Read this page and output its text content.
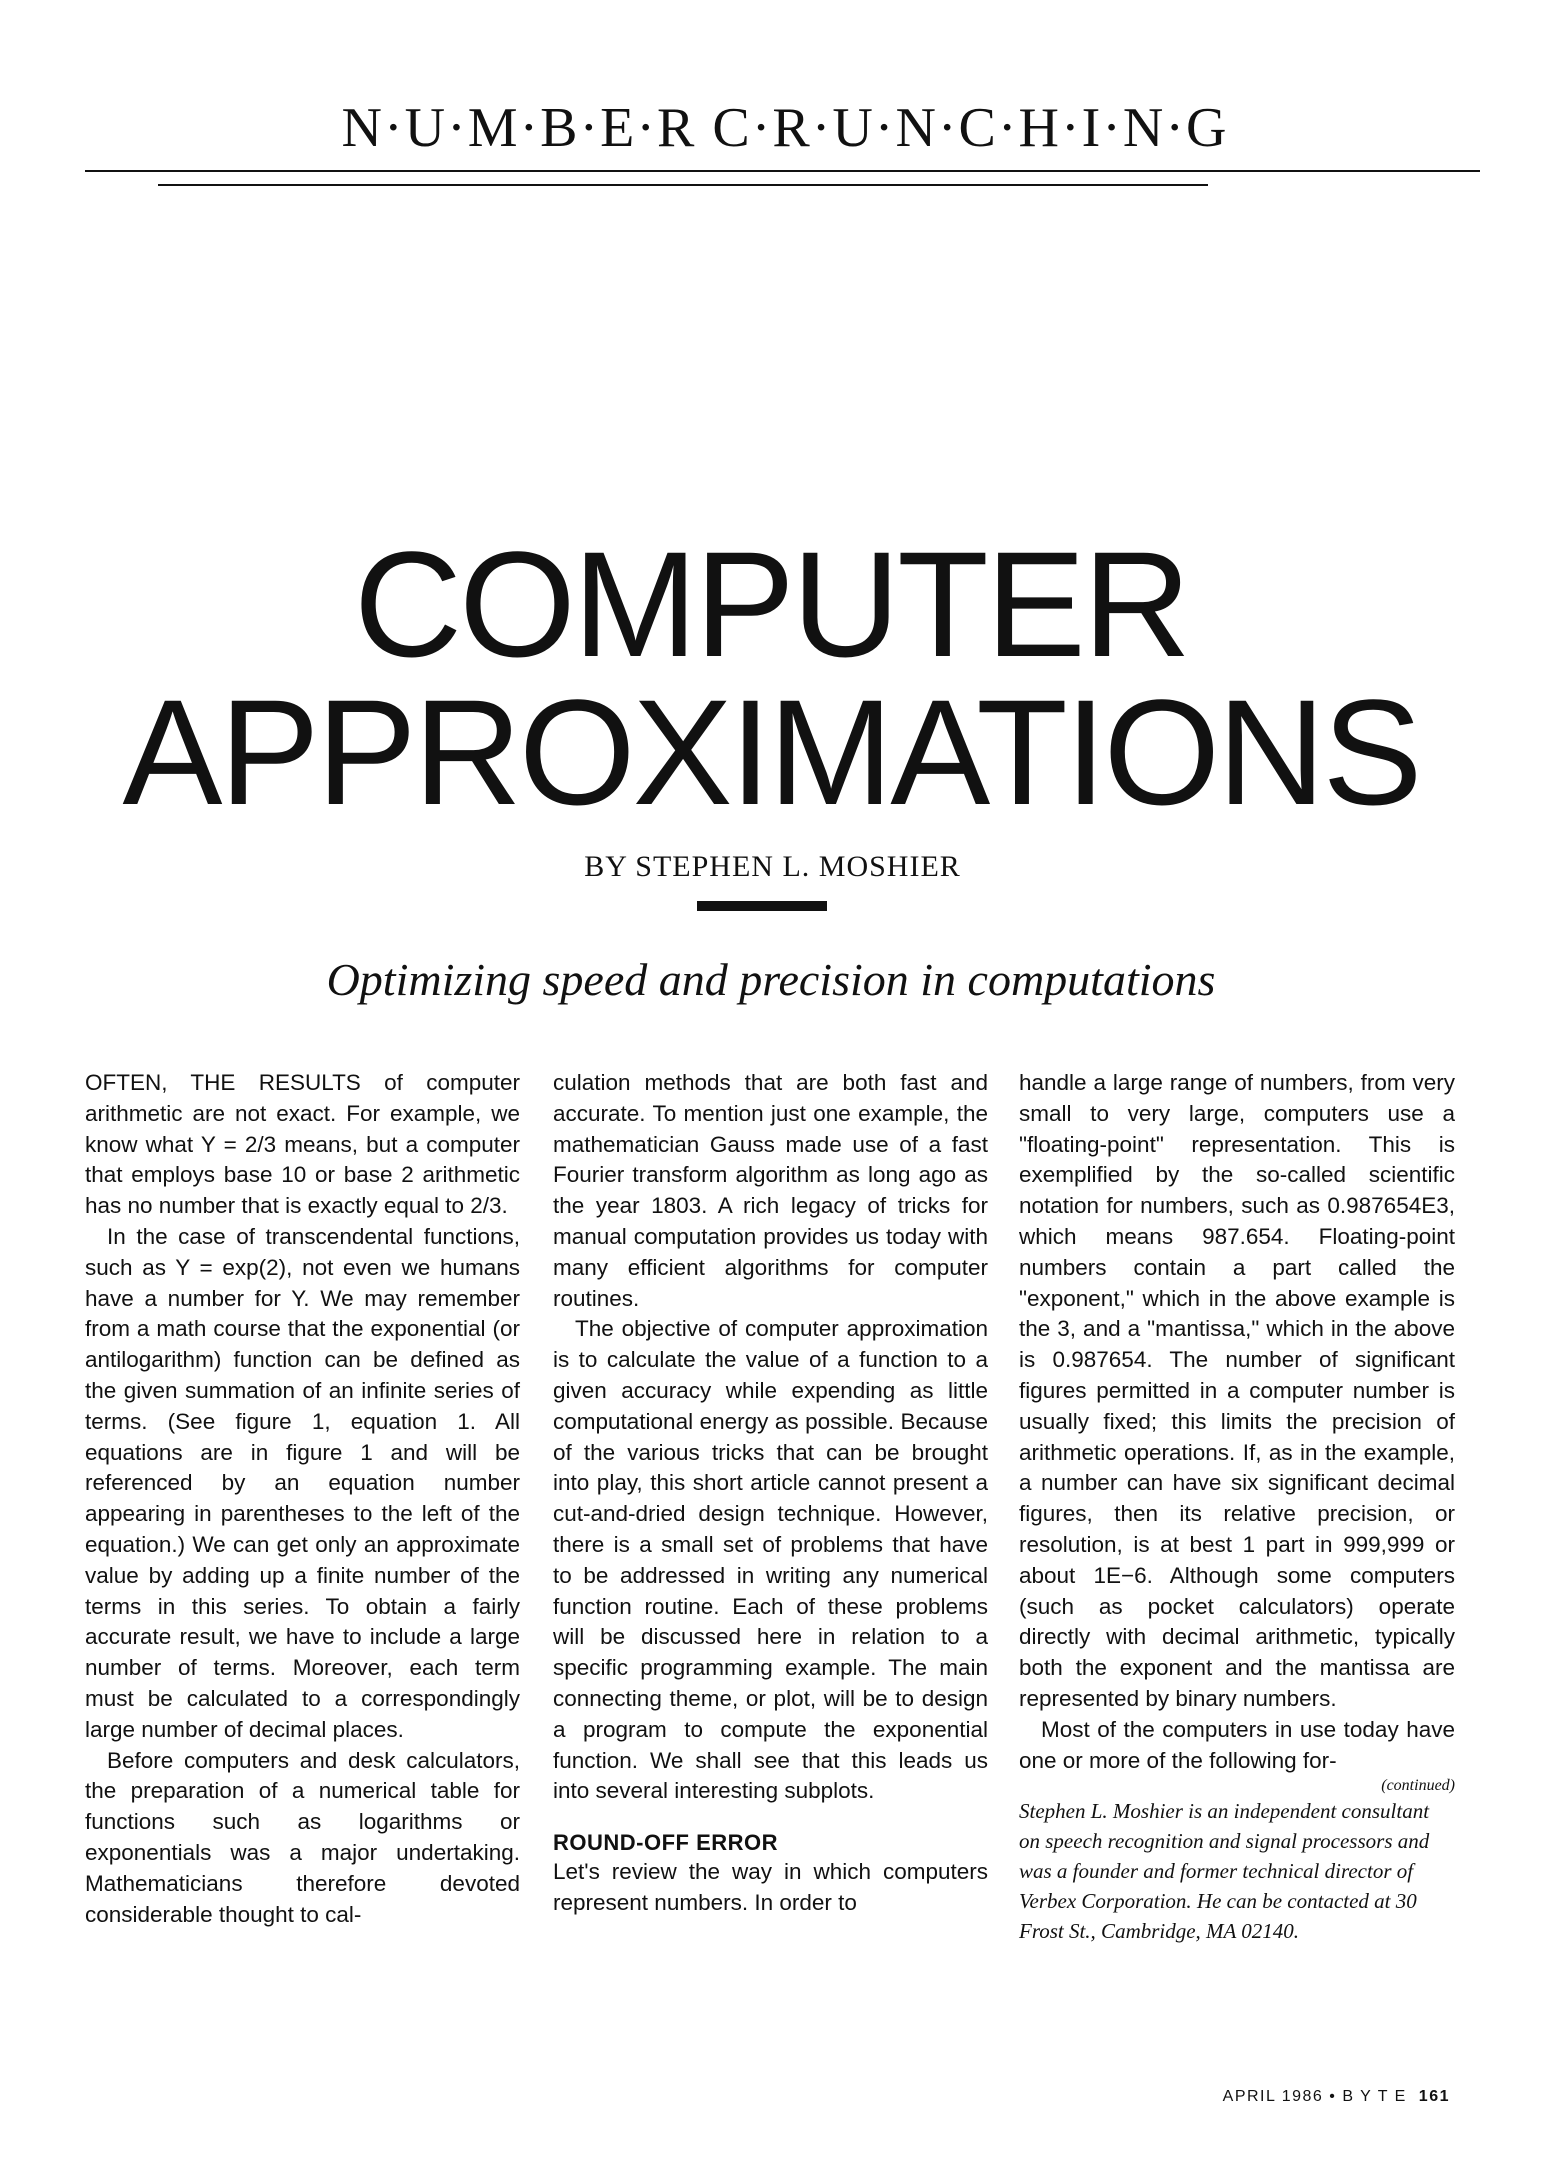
N·U·M·B·E·R C·R·U·N·C·H·I·N·G
COMPUTER
APPROXIMATIONS
BY STEPHEN L. MOSHIER
Optimizing speed and precision in computations

OFTEN, THE RESULTS of computer arithmetic are not exact. For example, we know what Y = 2/3 means, but a computer that employs base 10 or base 2 arithmetic has no number that is exactly equal to 2/3.

In the case of transcendental functions, such as Y = exp(2), not even we humans have a number for Y. We may remember from a math course that the exponential (or antilogarithm) function can be defined as the given summation of an infinite series of terms. (See figure 1, equation 1. All equations are in figure 1 and will be referenced by an equation number appearing in parentheses to the left of the equation.) We can get only an approximate value by adding up a finite number of the terms in this series. To obtain a fairly accurate result, we have to include a large number of terms. Moreover, each term must be calculated to a correspondingly large number of decimal places.

Before computers and desk calculators, the preparation of a numerical table for functions such as logarithms or exponentials was a major undertaking. Mathematicians therefore devoted considerable thought to cal-

culation methods that are both fast and accurate. To mention just one example, the mathematician Gauss made use of a fast Fourier transform algorithm as long ago as the year 1803. A rich legacy of tricks for manual computation provides us today with many efficient algorithms for computer routines.

The objective of computer approximation is to calculate the value of a function to a given accuracy while expending as little computational energy as possible. Because of the various tricks that can be brought into play, this short article cannot present a cut-and-dried design technique. However, there is a small set of problems that have to be addressed in writing any numerical function routine. Each of these problems will be discussed here in relation to a specific programming example. The main connecting theme, or plot, will be to design a program to compute the exponential function. We shall see that this leads us into several interesting subplots.

ROUND-OFF ERROR

Let's review the way in which computers represent numbers. In order to

handle a large range of numbers, from very small to very large, computers use a "floating-point" representation. This is exemplified by the so-called scientific notation for numbers, such as 0.987654E3, which means 987.654. Floating-point numbers contain a part called the "exponent," which in the above example is the 3, and a "mantissa," which in the above is 0.987654. The number of significant figures permitted in a computer number is usually fixed; this limits the precision of arithmetic operations. If, as in the example, a number can have six significant decimal figures, then its relative precision, or resolution, is at best 1 part in 999,999 or about 1E−6. Although some computers (such as pocket calculators) operate directly with decimal arithmetic, typically both the exponent and the mantissa are represented by binary numbers.

Most of the computers in use today have one or more of the following for-

(continued)

Stephen L. Moshier is an independent consultant on speech recognition and signal processors and was a founder and former technical director of Verbex Corporation. He can be contacted at 30 Frost St., Cambridge, MA 02140.

APRIL 1986 • B Y T E 161
